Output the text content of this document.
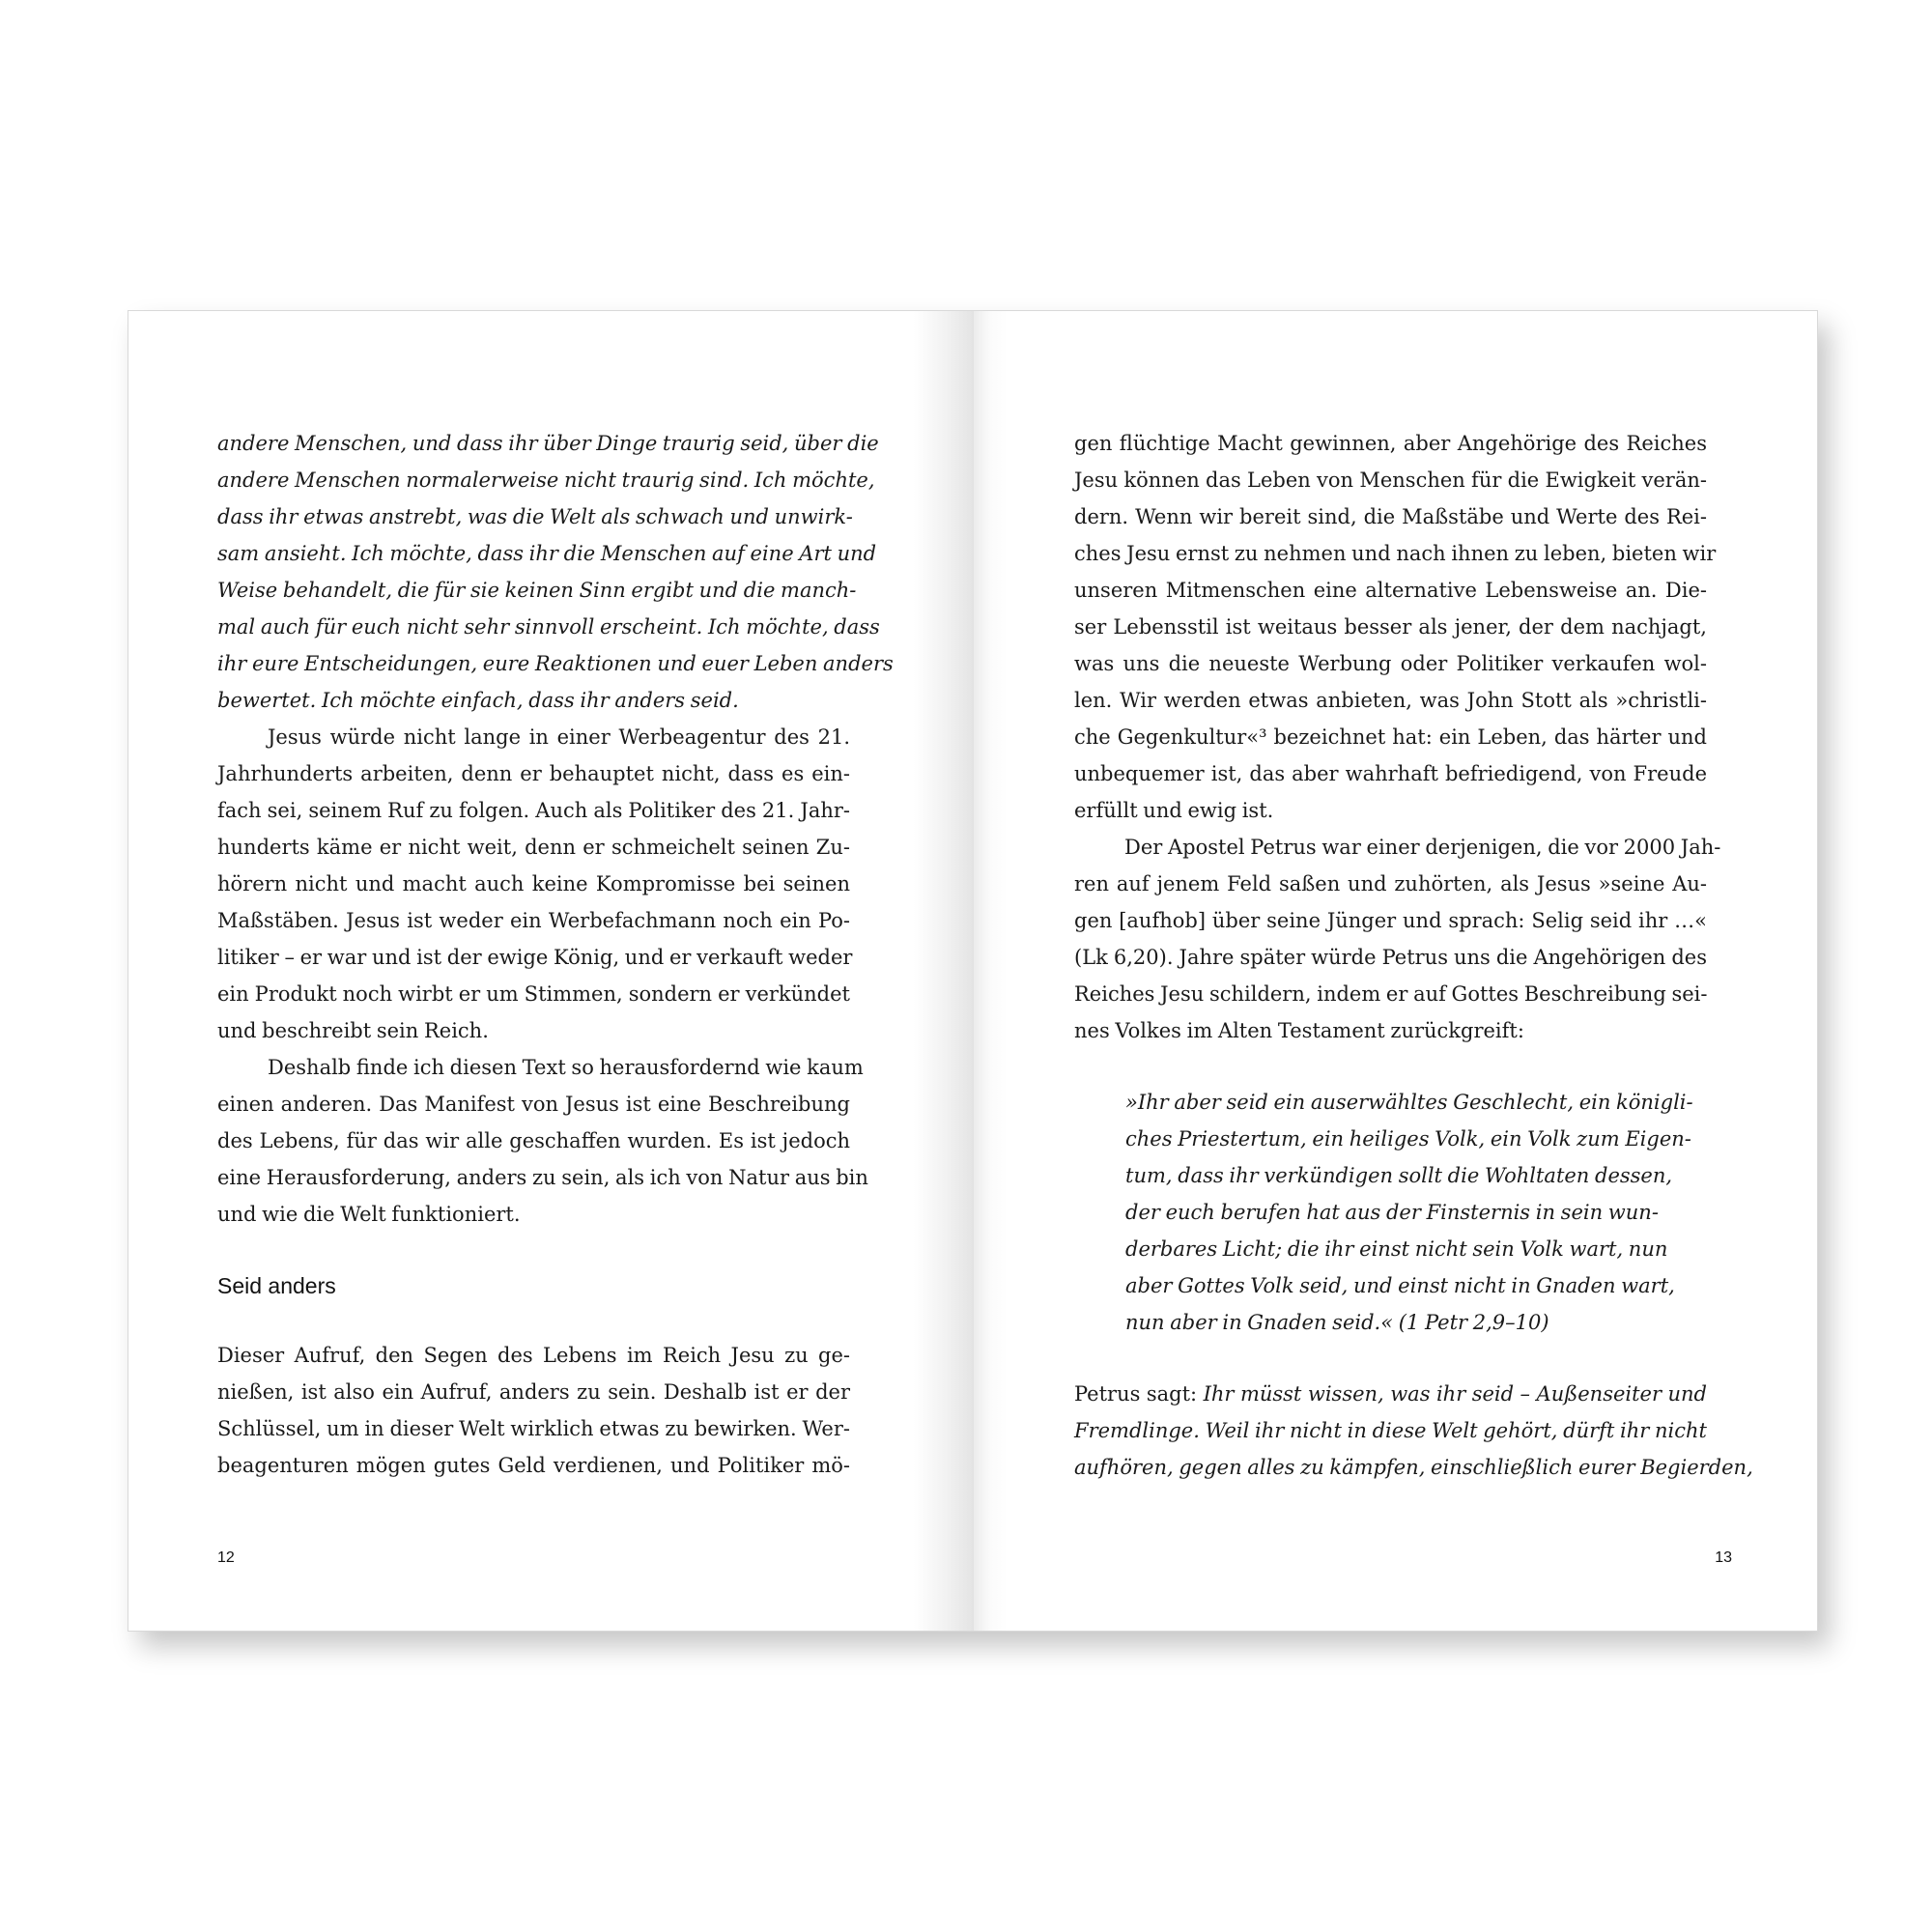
andere Menschen, und dass ihr über Dinge traurig seid, über die
andere Menschen normalerweise nicht traurig sind. Ich möchte,
dass ihr etwas anstrebt, was die Welt als schwach und unwirk-
sam ansieht. Ich möchte, dass ihr die Menschen auf eine Art und
Weise behandelt, die für sie keinen Sinn ergibt und die manch-
mal auch für euch nicht sehr sinnvoll erscheint. Ich möchte, dass
ihr eure Entscheidungen, eure Reaktionen und euer Leben anders
bewertet. Ich möchte einfach, dass ihr anders seid.
Jesus würde nicht lange in einer Werbeagentur des 21.
Jahrhunderts arbeiten, denn er behauptet nicht, dass es ein-
fach sei, seinem Ruf zu folgen. Auch als Politiker des 21. Jahr-
hunderts käme er nicht weit, denn er schmeichelt seinen Zu-
hörern nicht und macht auch keine Kompromisse bei seinen
Maßstäben. Jesus ist weder ein Werbefachmann noch ein Po-
litiker – er war und ist der ewige König, und er verkauft weder
ein Produkt noch wirbt er um Stimmen, sondern er verkündet
und beschreibt sein Reich.
Deshalb finde ich diesen Text so herausfordernd wie kaum
einen anderen. Das Manifest von Jesus ist eine Beschreibung
des Lebens, für das wir alle geschaffen wurden. Es ist jedoch
eine Herausforderung, anders zu sein, als ich von Natur aus bin
und wie die Welt funktioniert.
Seid anders
Dieser Aufruf, den Segen des Lebens im Reich Jesu zu ge-
nießen, ist also ein Aufruf, anders zu sein. Deshalb ist er der
Schlüssel, um in dieser Welt wirklich etwas zu bewirken. Wer-
beagenturen mögen gutes Geld verdienen, und Politiker mö-
12
gen flüchtige Macht gewinnen, aber Angehörige des Reiches
Jesu können das Leben von Menschen für die Ewigkeit verän-
dern. Wenn wir bereit sind, die Maßstäbe und Werte des Rei-
ches Jesu ernst zu nehmen und nach ihnen zu leben, bieten wir
unseren Mitmenschen eine alternative Lebensweise an. Die-
ser Lebensstil ist weitaus besser als jener, der dem nachjagt,
was uns die neueste Werbung oder Politiker verkaufen wol-
len. Wir werden etwas anbieten, was John Stott als »christli-
che Gegenkultur«³ bezeichnet hat: ein Leben, das härter und
unbequemer ist, das aber wahrhaft befriedigend, von Freude
erfüllt und ewig ist.
Der Apostel Petrus war einer derjenigen, die vor 2000 Jah-
ren auf jenem Feld saßen und zuhörten, als Jesus »seine Au-
gen [aufhob] über seine Jünger und sprach: Selig seid ihr …«
(Lk 6,20). Jahre später würde Petrus uns die Angehörigen des
Reiches Jesu schildern, indem er auf Gottes Beschreibung sei-
nes Volkes im Alten Testament zurückgreift:
»Ihr aber seid ein auserwähltes Geschlecht, ein königli-
ches Priestertum, ein heiliges Volk, ein Volk zum Eigen-
tum, dass ihr verkündigen sollt die Wohltaten dessen,
der euch berufen hat aus der Finsternis in sein wun-
derbares Licht; die ihr einst nicht sein Volk wart, nun
aber Gottes Volk seid, und einst nicht in Gnaden wart,
nun aber in Gnaden seid.« (1 Petr 2,9–10)
Petrus sagt: Ihr müsst wissen, was ihr seid – Außenseiter und
Fremdlinge. Weil ihr nicht in diese Welt gehört, dürft ihr nicht
aufhören, gegen alles zu kämpfen, einschließlich eurer Begierden,
13
